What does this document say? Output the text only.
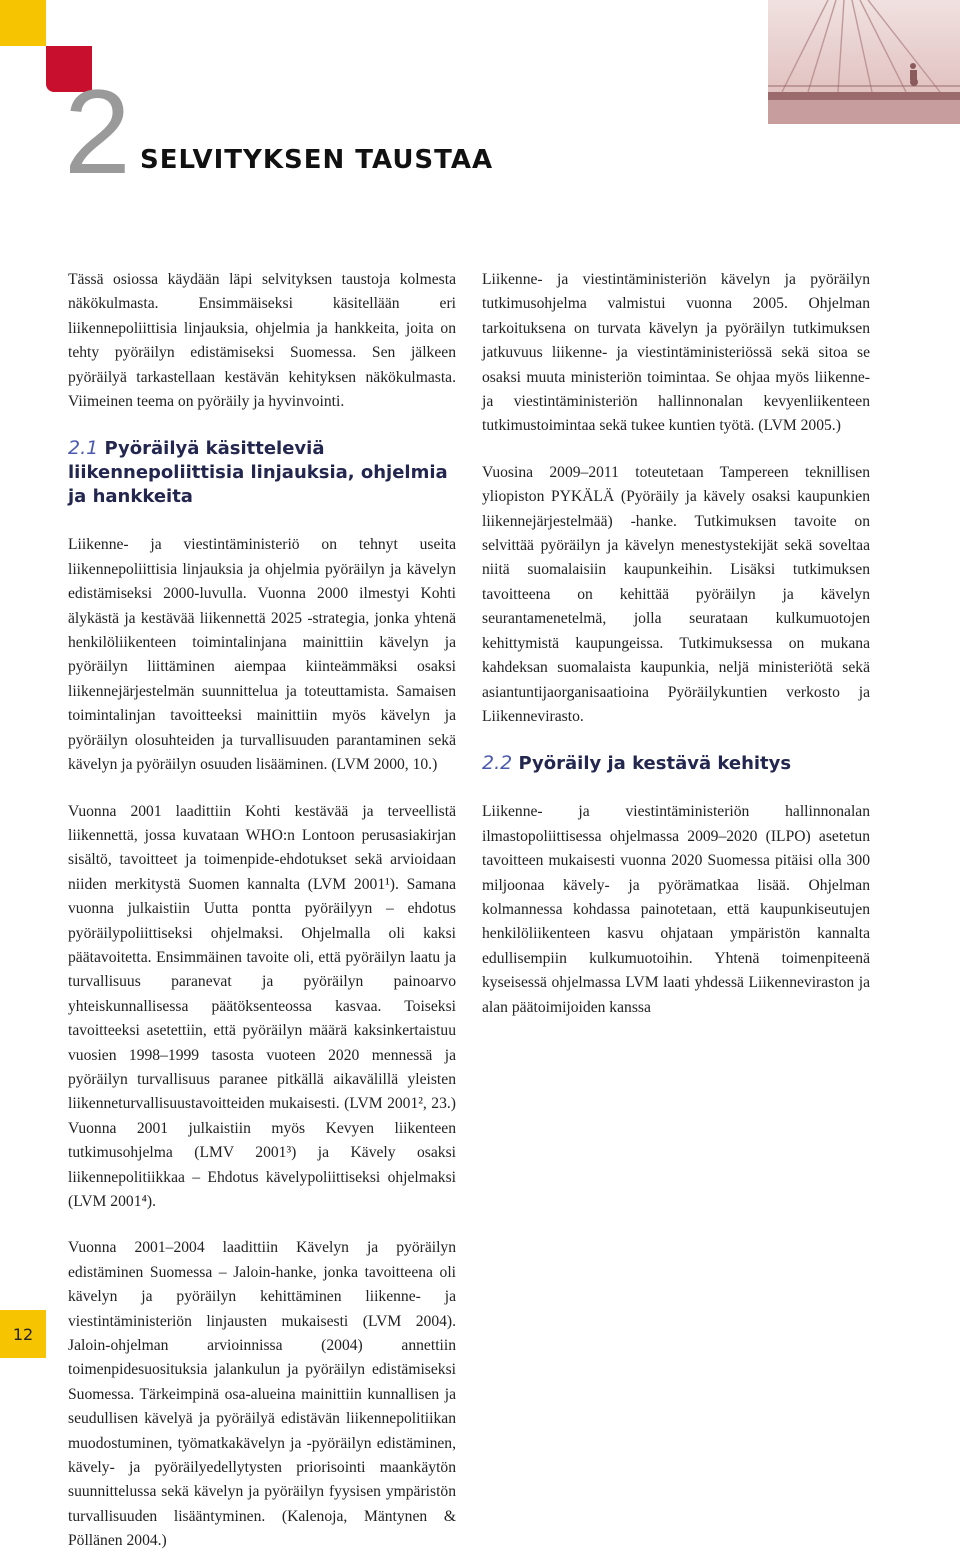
2 SELVITYKSEN TAUSTAA

Tässä osiossa käydään läpi selvityksen taustoja kolmesta näkökulmasta. Ensimmäiseksi käsitellään eri liikennepoliittisia linjauksia, ohjelmia ja hankkeita, joita on tehty pyöräilyn edistämiseksi Suomessa. Sen jälkeen pyöräilyä tarkastellaan kestävän kehityksen näkökulmasta. Viimeinen teema on pyöräily ja hyvinvointi.

2.1 Pyöräilyä käsitteleviä liikennepoliittisia linjauksia, ohjelmia ja hankkeita

Liikenne- ja viestintäministeriö on tehnyt useita liikennepoliittisia linjauksia ja ohjelmia pyöräilyn ja kävelyn edistämiseksi 2000-luvulla. Vuonna 2000 ilmestyi Kohti älykästä ja kestävää liikennettä 2025 -strategia, jonka yhtenä henkilöliikenteen toimintalinjana mainittiin kävelyn ja pyöräilyn liittäminen aiempaa kiinteämmäksi osaksi liikennejärjestelmän suunnittelua ja toteuttamista. Samaisen toimintalinjan tavoitteeksi mainittiin myös kävelyn ja pyöräilyn olosuhteiden ja turvallisuuden parantaminen sekä kävelyn ja pyöräilyn osuuden lisääminen. (LVM 2000, 10.)

Vuonna 2001 laadittiin Kohti kestävää ja terveellistä liikennettä, jossa kuvataan WHO:n Lontoon perusasiakirjan sisältö, tavoitteet ja toimenpide-ehdotukset sekä arvioidaan niiden merkitystä Suomen kannalta (LVM 2001¹). Samana vuonna julkaistiin Uutta pontta pyöräilyyn – ehdotus pyöräilypoliittiseksi ohjelmaksi. Ohjelmalla oli kaksi päätavoitetta. Ensimmäinen tavoite oli, että pyöräilyn laatu ja turvallisuus paranevat ja pyöräilyn painoarvo yhteiskunnallisessa päätöksenteossa kasvaa. Toiseksi tavoitteeksi asetettiin, että pyöräilyn määrä kaksinkertaistuu vuosien 1998–1999 tasosta vuoteen 2020 mennessä ja pyöräilyn turvallisuus paranee pitkällä aikavälillä yleisten liikenneturvallisuustavoitteiden mukaisesti. (LVM 2001², 23.) Vuonna 2001 julkaistiin myös Kevyen liikenteen tutkimusohjelma (LMV 2001³) ja Kävely osaksi liikennepolitiikkaa – Ehdotus kävelypoliittiseksi ohjelmaksi (LVM 2001⁴).

Vuonna 2001–2004 laadittiin Kävelyn ja pyöräilyn edistäminen Suomessa – Jaloin-hanke, jonka tavoitteena oli kävelyn ja pyöräilyn kehittäminen liikenne- ja viestintäministeriön linjausten mukaisesti (LVM 2004). Jaloin-ohjelman arvioinnissa (2004) annettiin toimenpidesuosituksia jalankulun ja pyöräilyn edistämiseksi Suomessa. Tärkeimpinä osa-alueina mainittiin kunnallisen ja seudullisen kävelyä ja pyöräilyä edistävän liikennepolitiikan muodostuminen, työmatkakävelyn ja -pyöräilyn edistäminen, kävely- ja pyöräilyedellytysten priorisointi maankäytön suunnittelussa sekä kävelyn ja pyöräilyn fyysisen ympäristön turvallisuuden lisääntyminen. (Kalenoja, Mäntynen & Pöllänen 2004.)

Liikenne- ja viestintäministeriön kävelyn ja pyöräilyn tutkimusohjelma valmistui vuonna 2005. Ohjelman tarkoituksena on turvata kävelyn ja pyöräilyn tutkimuksen jatkuvuus liikenne- ja viestintäministeriössä sekä sitoa se osaksi muuta ministeriön toimintaa. Se ohjaa myös liikenne- ja viestintäministeriön hallinnonalan kevyenliikenteen tutkimustoimintaa sekä tukee kuntien työtä. (LVM 2005.)

Vuosina 2009–2011 toteutetaan Tampereen teknillisen yliopiston PYKÄLÄ (Pyöräily ja kävely osaksi kaupunkien liikennejärjestelmää) -hanke. Tutkimuksen tavoite on selvittää pyöräilyn ja kävelyn menestystekijät sekä soveltaa niitä suomalaisiin kaupunkeihin. Lisäksi tutkimuksen tavoitteena on kehittää pyöräilyn ja kävelyn seurantamenetelmä, jolla seurataan kulkumuotojen kehittymistä kaupungeissa. Tutkimuksessa on mukana kahdeksan suomalaista kaupunkia, neljä ministeriötä sekä asiantuntijaorganisaatioina Pyöräilykuntien verkosto ja Liikennevirasto.

2.2 Pyöräily ja kestävä kehitys

Liikenne- ja viestintäministeriön hallinnonalan ilmastopoliittisessa ohjelmassa 2009–2020 (ILPO) asetetun tavoitteen mukaisesti vuonna 2020 Suomessa pitäisi olla 300 miljoonaa kävely- ja pyörämatkaa lisää. Ohjelman kolmannessa kohdassa painotetaan, että kaupunkiseutujen henkilöliikenteen kasvu ohjataan ympäristön kannalta edullisempiin kulkumuotoihin. Yhtenä toimenpiteenä kyseisessä ohjelmassa LVM laati yhdessä Liikenneviraston ja alan päätoimijoiden kanssa

12
